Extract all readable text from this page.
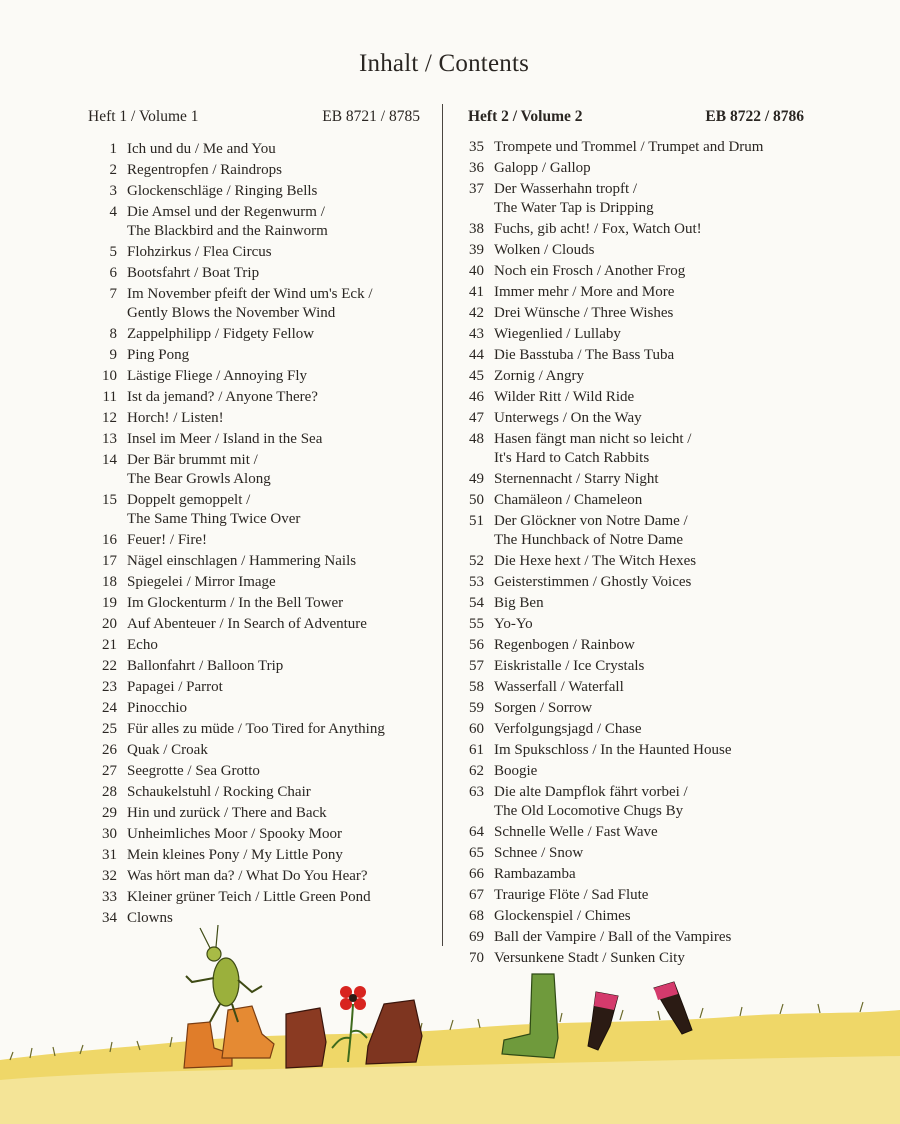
Inhalt / Contents
Heft 1 / Volume 1	EB 8721 / 8785
1 Ich und du / Me and You
2 Regentropfen / Raindrops
3 Glockenschläge / Ringing Bells
4 Die Amsel und der Regenwurm /
The Blackbird and the Rainworm
5 Flohzirkus / Flea Circus
6 Bootsfahrt / Boat Trip
7 Im November pfeift der Wind um's Eck /
Gently Blows the November Wind
8 Zappelphilipp / Fidgety Fellow
9 Ping Pong
10 Lästige Fliege / Annoying Fly
11 Ist da jemand? / Anyone There?
12 Horch! / Listen!
13 Insel im Meer / Island in the Sea
14 Der Bär brummt mit /
The Bear Growls Along
15 Doppelt gemoppelt /
The Same Thing Twice Over
16 Feuer! / Fire!
17 Nägel einschlagen / Hammering Nails
18 Spiegelei / Mirror Image
19 Im Glockenturm / In the Bell Tower
20 Auf Abenteuer / In Search of Adventure
21 Echo
22 Ballonfahrt / Balloon Trip
23 Papagei / Parrot
24 Pinocchio
25 Für alles zu müde / Too Tired for Anything
26 Quak / Croak
27 Seegrotte / Sea Grotto
28 Schaukelstuhl / Rocking Chair
29 Hin und zurück / There and Back
30 Unheimliches Moor / Spooky Moor
31 Mein kleines Pony / My Little Pony
32 Was hört man da? / What Do You Hear?
33 Kleiner grüner Teich / Little Green Pond
34 Clowns
Heft 2 / Volume 2	EB 8722 / 8786
35 Trompete und Trommel / Trumpet and Drum
36 Galopp / Gallop
37 Der Wasserhahn tropft /
The Water Tap is Dripping
38 Fuchs, gib acht! / Fox, Watch Out!
39 Wolken / Clouds
40 Noch ein Frosch / Another Frog
41 Immer mehr / More and More
42 Drei Wünsche / Three Wishes
43 Wiegenlied / Lullaby
44 Die Basstuba / The Bass Tuba
45 Zornig / Angry
46 Wilder Ritt / Wild Ride
47 Unterwegs / On the Way
48 Hasen fängt man nicht so leicht /
It's Hard to Catch Rabbits
49 Sternennacht / Starry Night
50 Chamäleon / Chameleon
51 Der Glöckner von Notre Dame /
The Hunchback of Notre Dame
52 Die Hexe hext / The Witch Hexes
53 Geisterstimmen / Ghostly Voices
54 Big Ben
55 Yo-Yo
56 Regenbogen / Rainbow
57 Eiskristalle / Ice Crystals
58 Wasserfall / Waterfall
59 Sorgen / Sorrow
60 Verfolgungsjagd / Chase
61 Im Spukschloss / In the Haunted House
62 Boogie
63 Die alte Dampflok fährt vorbei /
The Old Locomotive Chugs By
64 Schnelle Welle / Fast Wave
65 Schnee / Snow
66 Rambazamba
67 Traurige Flöte / Sad Flute
68 Glockenspiel / Chimes
69 Ball der Vampire / Ball of the Vampires
70 Versunkene Stadt / Sunken City
